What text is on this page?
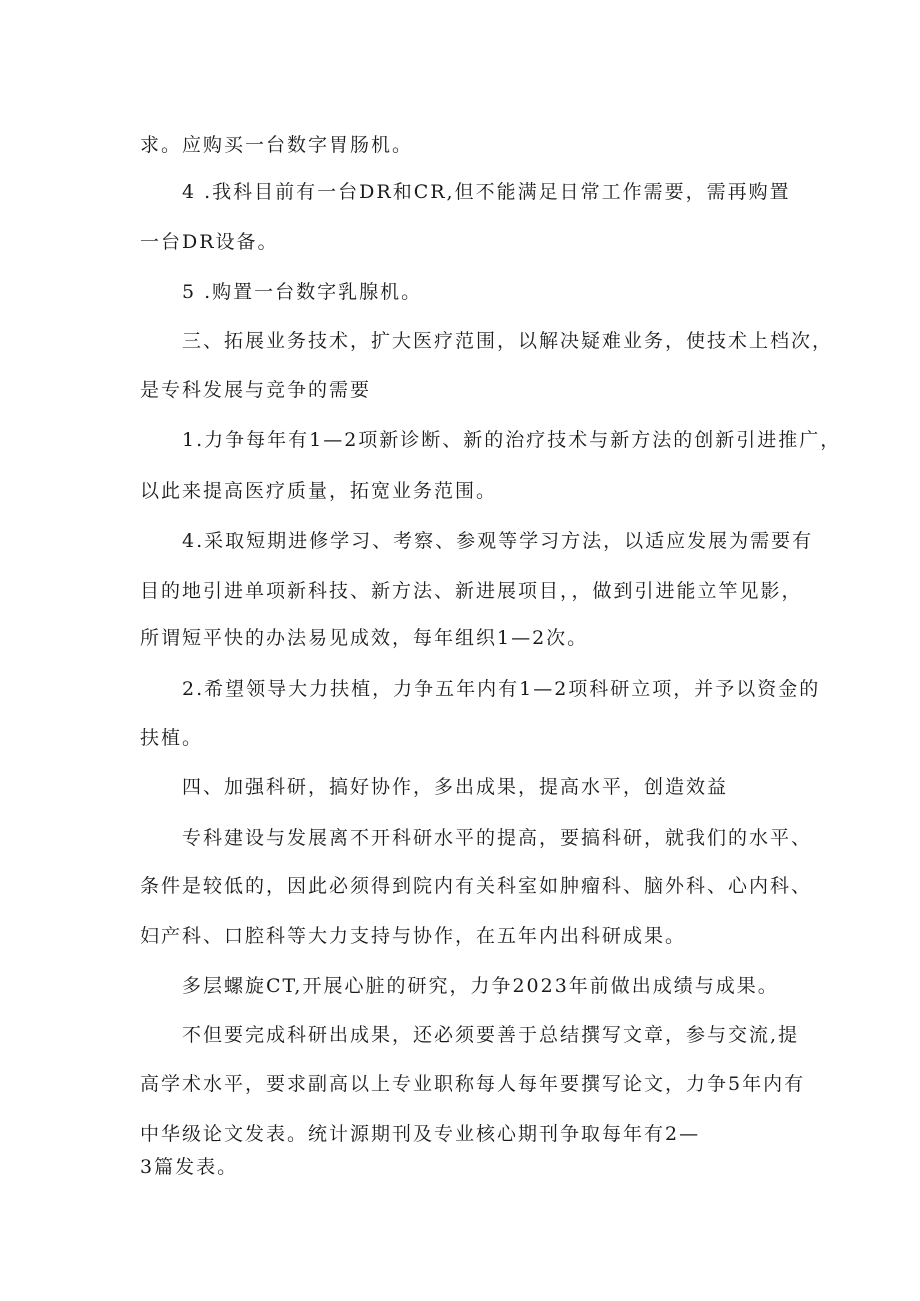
求。应购买一台数字胃肠机。
4 .我科目前有一台DR和CR,但不能满足日常工作需要，需再购置
一台DR设备。
5 .购置一台数字乳腺机。
三、拓展业务技术，扩大医疗范围，以解决疑难业务，使技术上档次，
是专科发展与竞争的需要
1.力争每年有1—2项新诊断、新的治疗技术与新方法的创新引进推广，
以此来提高医疗质量，拓宽业务范围。
4.采取短期进修学习、考察、参观等学习方法，以适应发展为需要有
目的地引进单项新科技、新方法、新进展项目，，做到引进能立竿见影，
所谓短平快的办法易见成效，每年组织1—2次。
2.希望领导大力扶植，力争五年内有1—2项科研立项，并予以资金的
扶植。
四、加强科研，搞好协作，多出成果，提高水平，创造效益
专科建设与发展离不开科研水平的提高，要搞科研，就我们的水平、
条件是较低的，因此必须得到院内有关科室如肿瘤科、脑外科、心内科、
妇产科、口腔科等大力支持与协作，在五年内出科研成果。
多层螺旋CT,开展心脏的研究，力争2023年前做出成绩与成果。
不但要完成科研出成果，还必须要善于总结撰写文章，参与交流,提
高学术水平，要求副高以上专业职称每人每年要撰写论文，力争5年内有
中华级论文发表。统计源期刊及专业核心期刊争取每年有2—
3篇发表。
